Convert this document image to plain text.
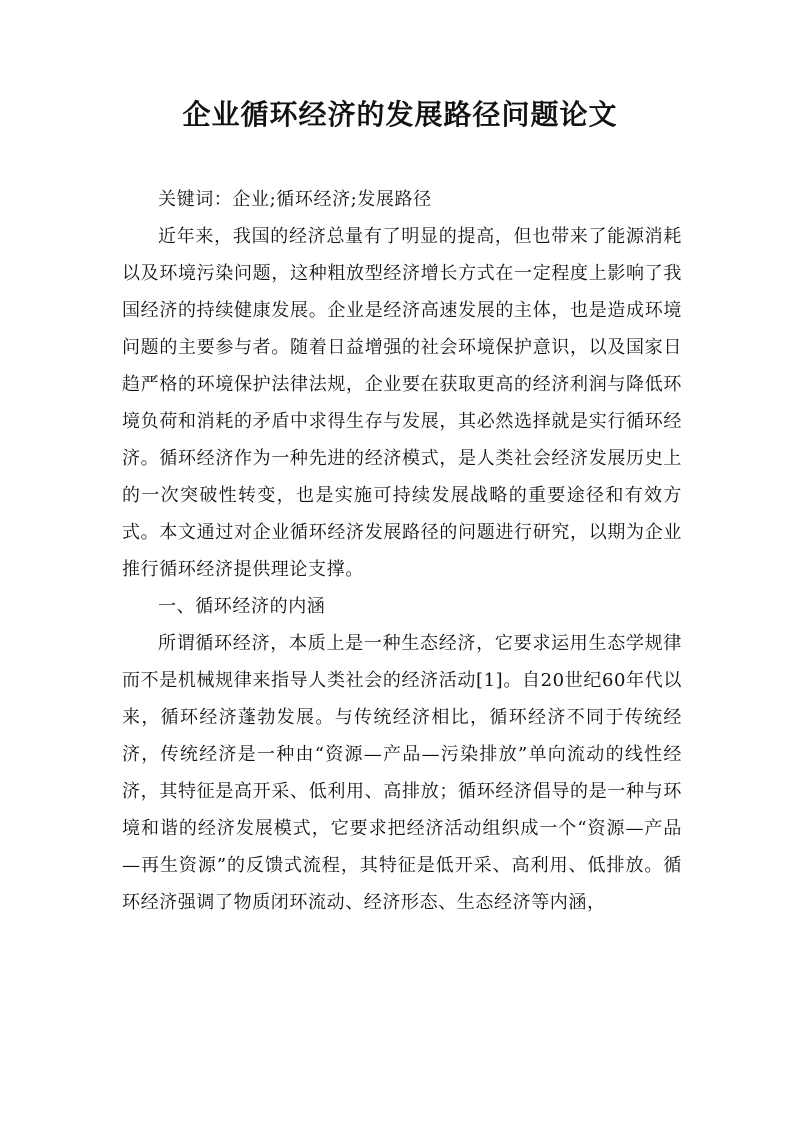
企业循环经济的发展路径问题论文

关键词：企业;循环经济;发展路径

近年来，我国的经济总量有了明显的提高，但也带来了能源消耗以及环境污染问题，这种粗放型经济增长方式在一定程度上影响了我国经济的持续健康发展。企业是经济高速发展的主体，也是造成环境问题的主要参与者。随着日益增强的社会环境保护意识，以及国家日趋严格的环境保护法律法规，企业要在获取更高的经济利润与降低环境负荷和消耗的矛盾中求得生存与发展，其必然选择就是实行循环经济。循环经济作为一种先进的经济模式，是人类社会经济发展历史上的一次突破性转变，也是实施可持续发展战略的重要途径和有效方式。本文通过对企业循环经济发展路径的问题进行研究，以期为企业推行循环经济提供理论支撑。

一、循环经济的内涵

所谓循环经济，本质上是一种生态经济，它要求运用生态学规律而不是机械规律来指导人类社会的经济活动[1]。自20世纪60年代以来，循环经济蓬勃发展。与传统经济相比，循环经济不同于传统经济，传统经济是一种由“资源—产品—污染排放”单向流动的线性经济，其特征是高开采、低利用、高排放；循环经济倡导的是一种与环境和谐的经济发展模式，它要求把经济活动组织成一个“资源—产品—再生资源”的反馈式流程，其特征是低开采、高利用、低排放。循环经济强调了物质闭环流动、经济形态、生态经济等内涵，
